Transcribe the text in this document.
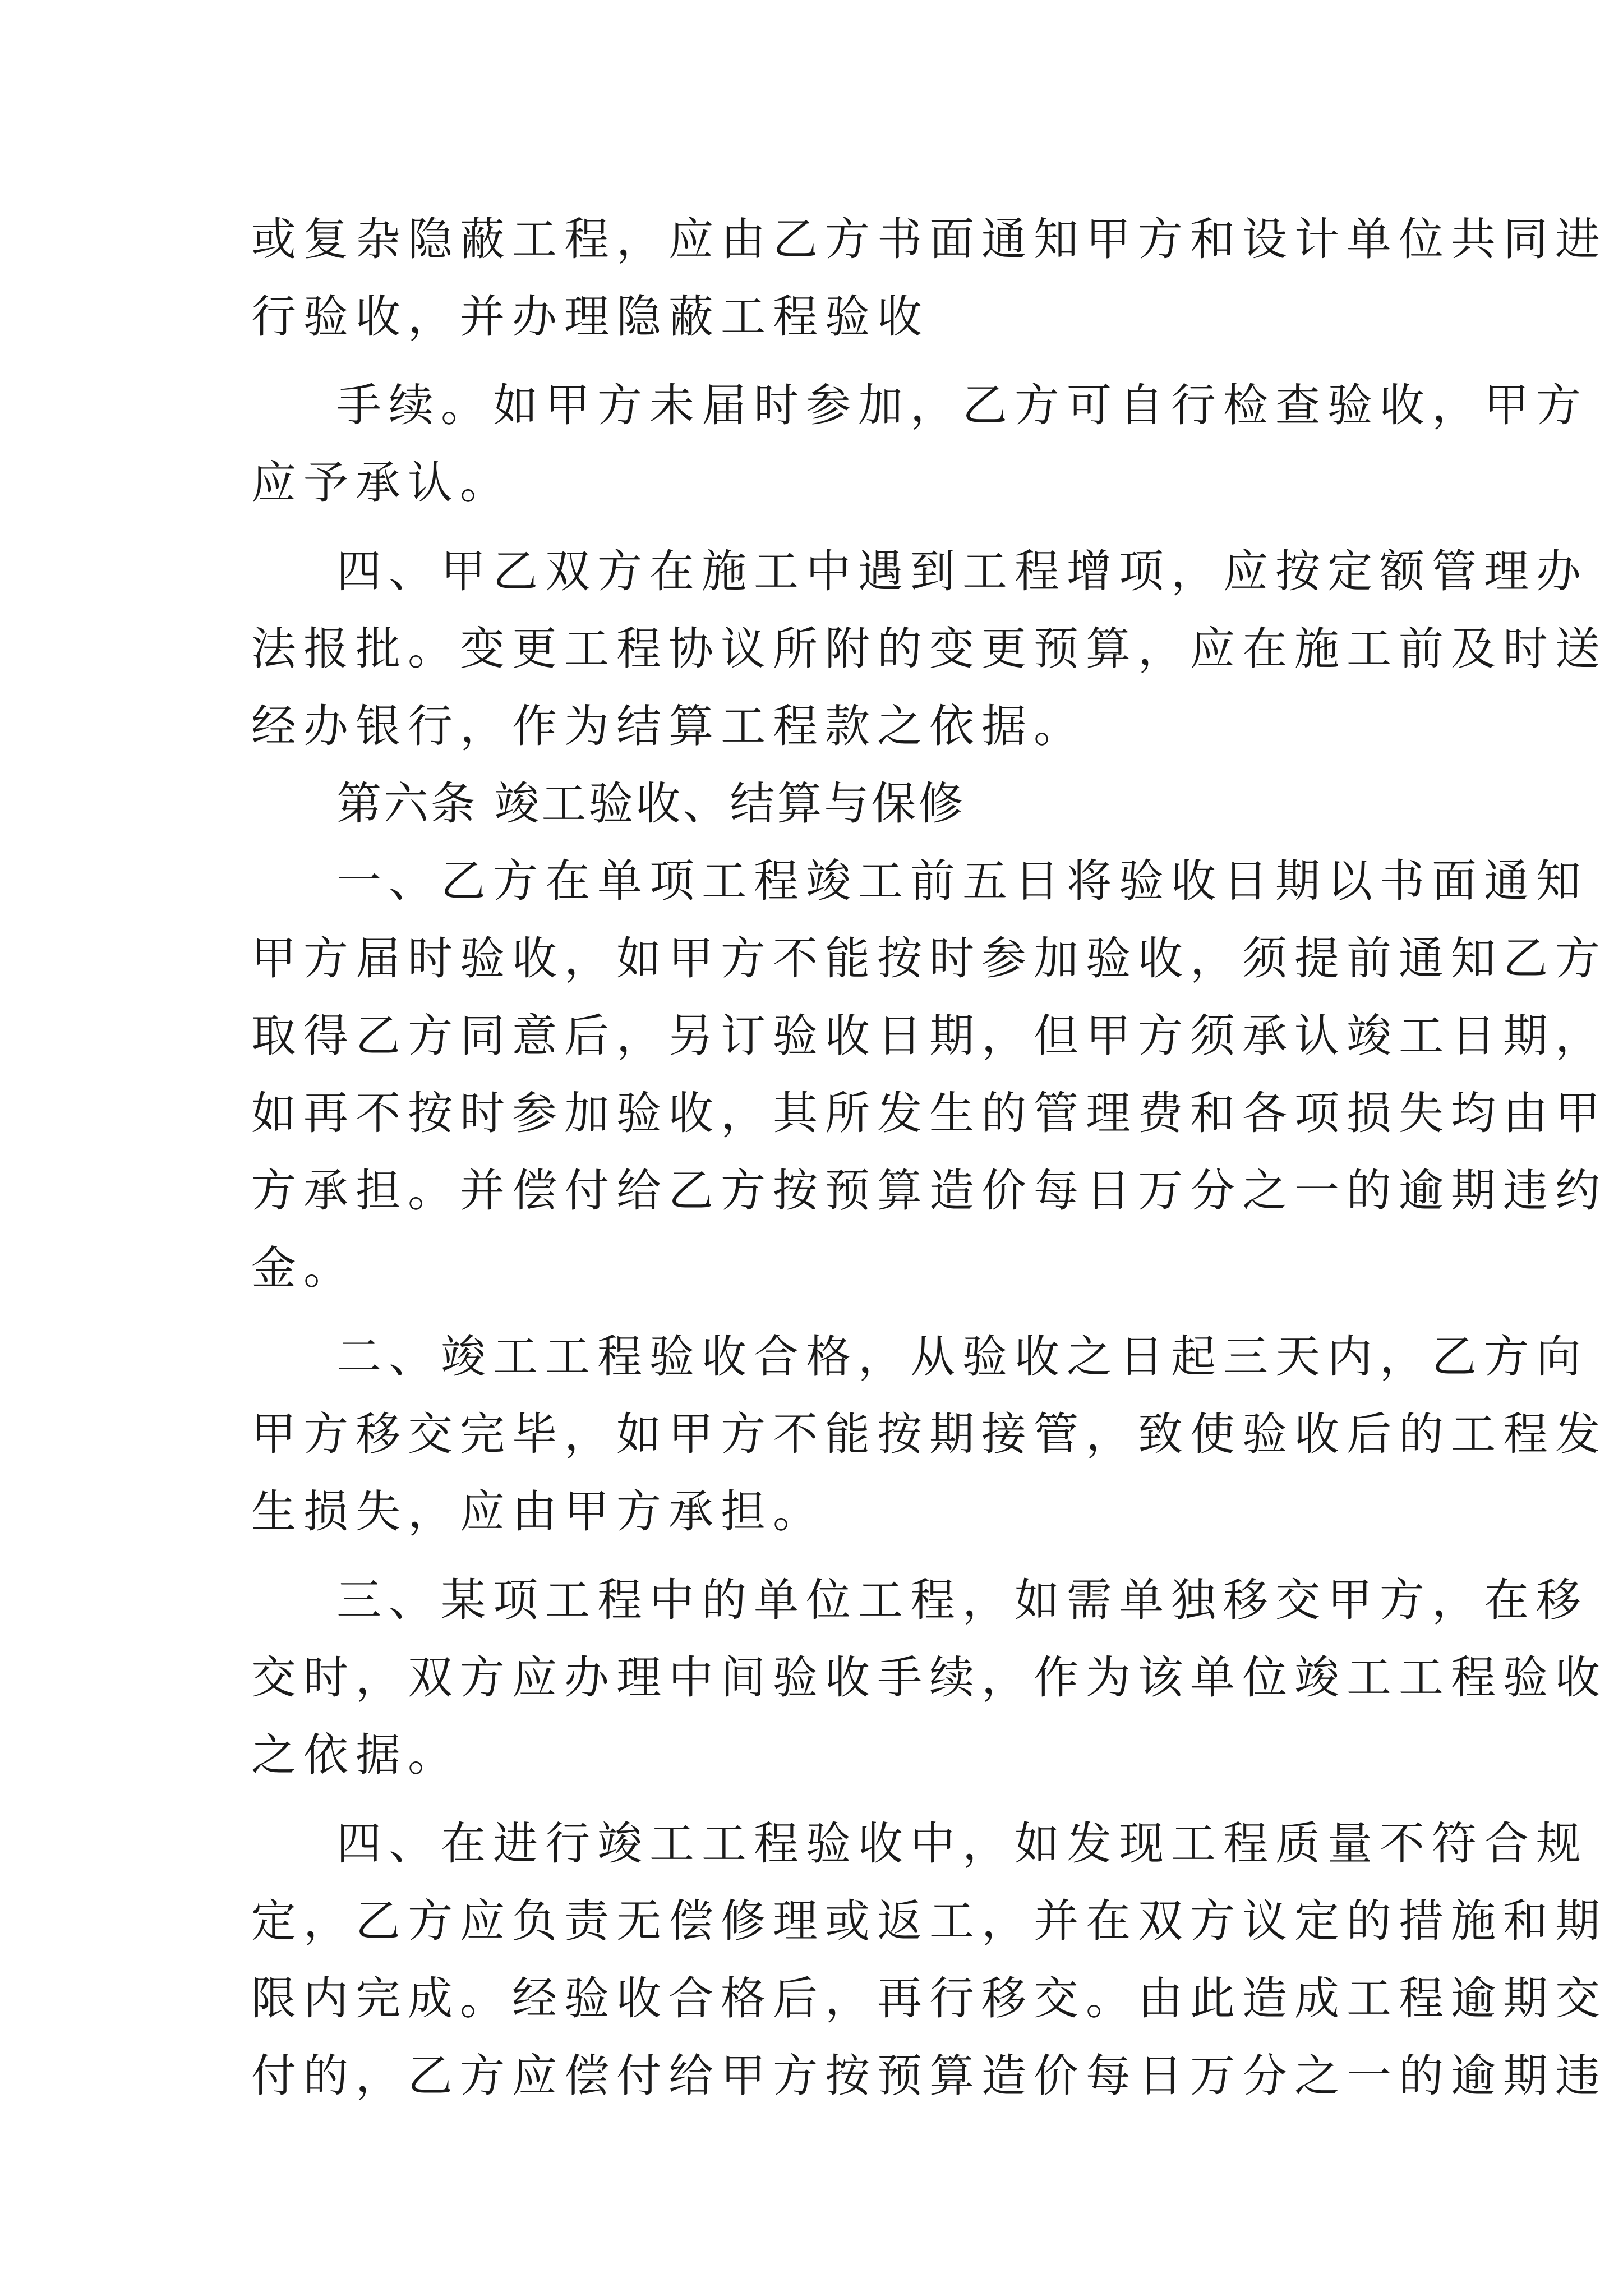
或复杂隐蔽工程，应由乙方书面通知甲方和设计单位共同进
行验收，并办理隐蔽工程验收
手续。如甲方未届时参加，乙方可自行检查验收，甲方
应予承认。
四、甲乙双方在施工中遇到工程增项，应按定额管理办
法报批。变更工程协议所附的变更预算，应在施工前及时送
经办银行，作为结算工程款之依据。
第六条 竣工验收、结算与保修
一、乙方在单项工程竣工前五日将验收日期以书面通知
甲方届时验收，如甲方不能按时参加验收，须提前通知乙方
取得乙方同意后，另订验收日期，但甲方须承认竣工日期，
如再不按时参加验收，其所发生的管理费和各项损失均由甲
方承担。并偿付给乙方按预算造价每日万分之一的逾期违约
金。
二、竣工工程验收合格，从验收之日起三天内，乙方向
甲方移交完毕，如甲方不能按期接管，致使验收后的工程发
生损失，应由甲方承担。
三、某项工程中的单位工程，如需单独移交甲方，在移
交时，双方应办理中间验收手续，作为该单位竣工工程验收
之依据。
四、在进行竣工工程验收中，如发现工程质量不符合规
定，乙方应负责无偿修理或返工，并在双方议定的措施和期
限内完成。经验收合格后，再行移交。由此造成工程逾期交
付的，乙方应偿付给甲方按预算造价每日万分之一的逾期违
